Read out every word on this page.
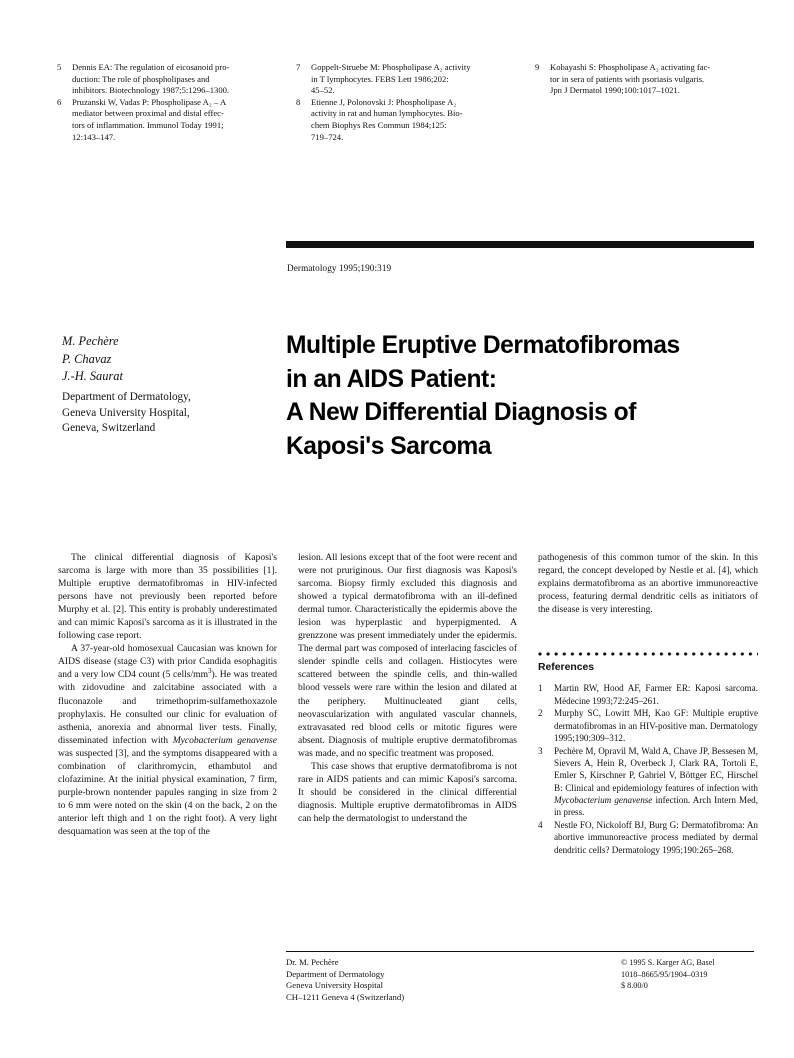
5	Dennis EA: The regulation of eicosanoid pro-
duction: The role of phospholipases and
inhibitors. Biotechnology 1987;5:1296–1300.
6	Pruzanski W, Vadas P: Phospholipase A₂ – A
mediator between proximal and distal effec-
tors of inflammation. Immunol Today 1991;
12:143–147.
7	Goppelt-Struebe M: Phospholipase A₂ activity
in T lymphocytes. FEBS Lett 1986;202:
45–52.
8	Etienne J, Polonovski J: Phospholipase A₂
activity in rat and human lymphocytes. Bio-
chem Biophys Res Commun 1984;125:
719–724.
9	Kobayashi S: Phospholipase A₂ activating fac-
tor in sera of patients with psoriasis vulgaris.
Jpn J Dermatol 1990;100:1017–1021.
Dermatology 1995;190:319
M. Pechère
P. Chavaz
J.-H. Saurat
Department of Dermatology,
Geneva University Hospital,
Geneva, Switzerland
Multiple Eruptive Dermatofibromas
in an AIDS Patient:
A New Differential Diagnosis of
Kaposi's Sarcoma

The clinical differential diagnosis of Kaposi's sarcoma is large with more than 35 possibilities [1]. Multiple eruptive dermatofibromas in HIV-infected persons have not previously been reported before Murphy et al. [2]. This entity is probably underestimated and can mimic Kaposi's sarcoma as it is illustrated in the following case report.

A 37-year-old homosexual Caucasian was known for AIDS disease (stage C3) with prior Candida esophagitis and a very low CD4 count (5 cells/$mm^3$). He was treated with zidovudine and zalcitabine associated with a fluconazole and trimethoprim-sulfamethoxazole prophylaxis. He consulted our clinic for evaluation of asthenia, anorexia and abnormal liver tests. Finally, disseminated infection with Mycobacterium genavense was suspected [3], and the symptoms disappeared with a combination of clarithromycin, ethambutol and clofazimine. At the initial physical examination, 7 firm, purple-brown nontender papules ranging in size from 2 to 6 mm were noted on the skin (4 on the back, 2 on the anterior left thigh and 1 on the right foot). A very light desquamation was seen at the top of the

lesion. All lesions except that of the foot were recent and were not pruriginous. Our first diagnosis was Kaposi's sarcoma. Biopsy firmly excluded this diagnosis and showed a typical dermatofibroma with an ill-defined dermal tumor. Characteristically the epidermis above the lesion was hyperplastic and hyperpigmented. A grenzzone was present immediately under the epidermis. The dermal part was composed of interlacing fascicles of slender spindle cells and collagen. Histiocytes were scattered between the spindle cells, and thin-walled blood vessels were rare within the lesion and dilated at the periphery. Multinucleated giant cells, neovascularization with angulated vascular channels, extravasated red blood cells or mitotic figures were absent. Diagnosis of multiple eruptive dermatofibromas was made, and no specific treatment was proposed.

This case shows that eruptive dermatofibroma is not rare in AIDS patients and can mimic Kaposi's sarcoma. It should be considered in the clinical differential diagnosis. Multiple eruptive dermatofibromas in AIDS can help the dermatologist to understand the

pathogenesis of this common tumor of the skin. In this regard, the concept developed by Nestle et al. [4], which explains dermatofibroma as an abortive immunoreactive process, featuring dermal dendritic cells as initiators of the disease is very interesting.

References
1	Martin RW, Hood AF, Farmer ER: Kaposi sarcoma. Médecine 1993;72:245–261.
2	Murphy SC, Lowitt MH, Kao GF: Multiple eruptive dermatofibromas in an HIV-positive man. Dermatology 1995;190:309–312.
3	Pechère M, Opravil M, Wald A, Chave JP, Bessesen M, Sievers A, Hein R, Overbeck J, Clark RA, Tortoli E, Emler S, Kirschner P, Gabriel V, Böttger EC, Hirschel B: Clinical and epidemiology features of infection with Mycobacterium genavense infection. Arch Intern Med, in press.
4	Nestle FO, Nickoloff BJ, Burg G: Dermatofibroma: An abortive immunoreactive process mediated by dermal dendritic cells? Dermatology 1995;190:265–268.
Dr. M. Pechère
Department of Dermatology
Geneva University Hospital
CH–1211 Geneva 4 (Switzerland)
© 1995 S. Karger AG, Basel
1018–8665/95/1904–0319
$ 8.00/0
